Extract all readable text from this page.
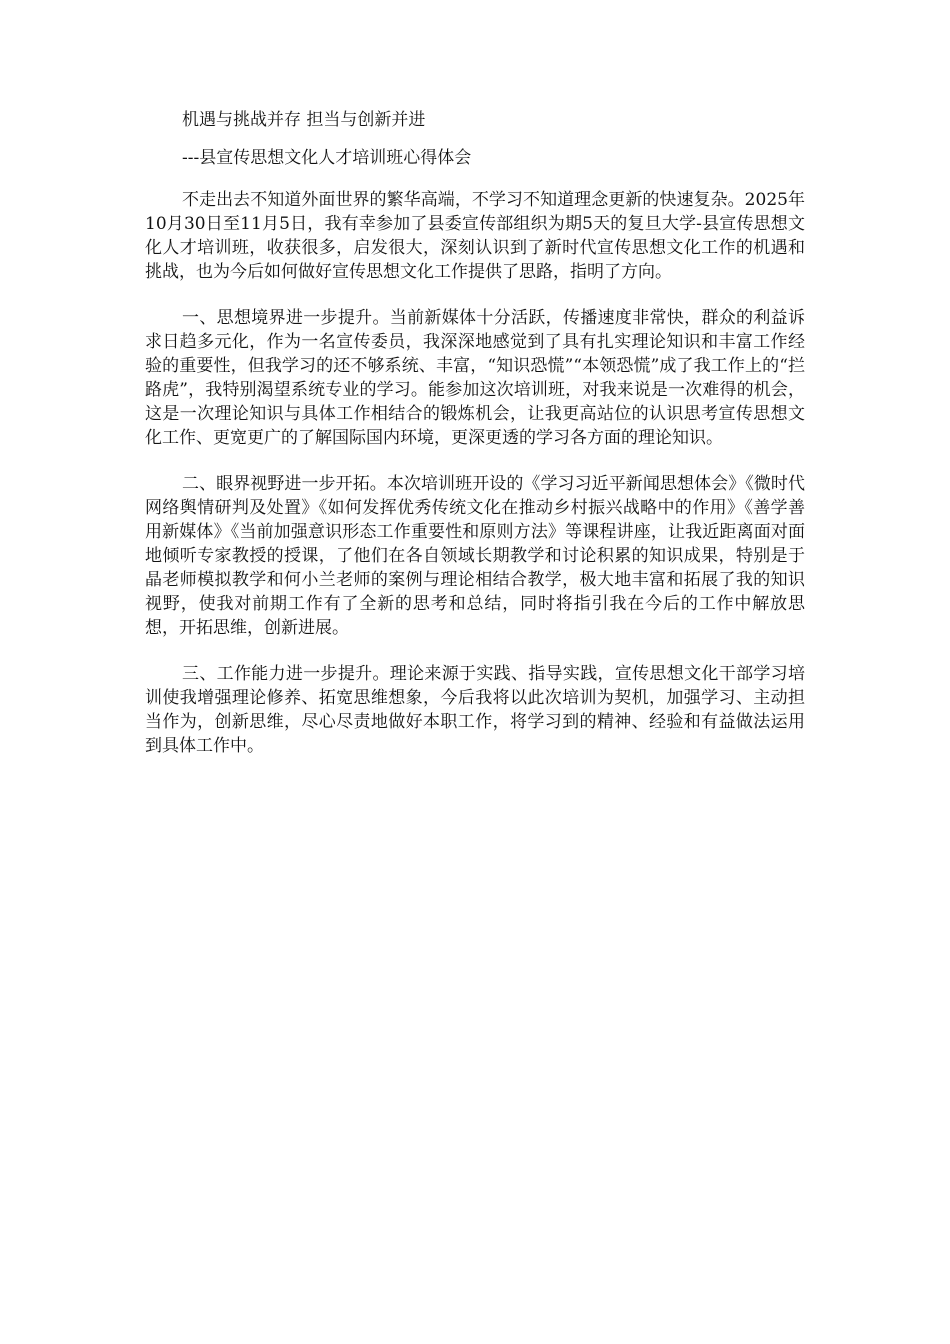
机遇与挑战并存 担当与创新并进

---县宣传思想文化人才培训班心得体会

不走出去不知道外面世界的繁华高端，不学习不知道理念更新的快速复杂。2025年10月30日至11月5日，我有幸参加了县委宣传部组织为期5天的复旦大学-县宣传思想文化人才培训班，收获很多，启发很大，深刻认识到了新时代宣传思想文化工作的机遇和挑战，也为今后如何做好宣传思想文化工作提供了思路，指明了方向。

一、思想境界进一步提升。当前新媒体十分活跃，传播速度非常快，群众的利益诉求日趋多元化，作为一名宣传委员，我深深地感觉到了具有扎实理论知识和丰富工作经验的重要性，但我学习的还不够系统、丰富，“知识恐慌”“本领恐慌”成了我工作上的“拦路虎”，我特别渴望系统专业的学习。能参加这次培训班，对我来说是一次难得的机会，这是一次理论知识与具体工作相结合的锻炼机会，让我更高站位的认识思考宣传思想文化工作、更宽更广的了解国际国内环境，更深更透的学习各方面的理论知识。

二、眼界视野进一步开拓。本次培训班开设的《学习习近平新闻思想体会》《微时代网络舆情研判及处置》《如何发挥优秀传统文化在推动乡村振兴战略中的作用》《善学善用新媒体》《当前加强意识形态工作重要性和原则方法》等课程讲座，让我近距离面对面地倾听专家教授的授课，了他们在各自领域长期教学和讨论积累的知识成果，特别是于晶老师模拟教学和何小兰老师的案例与理论相结合教学，极大地丰富和拓展了我的知识视野，使我对前期工作有了全新的思考和总结，同时将指引我在今后的工作中解放思想，开拓思维，创新进展。

三、工作能力进一步提升。理论来源于实践、指导实践，宣传思想文化干部学习培训使我增强理论修养、拓宽思维想象，今后我将以此次培训为契机，加强学习、主动担当作为，创新思维，尽心尽责地做好本职工作，将学习到的精神、经验和有益做法运用到具体工作中。
